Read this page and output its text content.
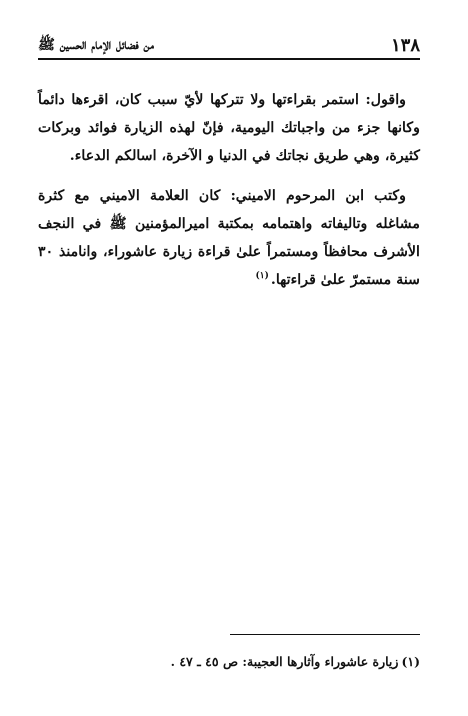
١٣٨
من فضائل الإمام الحسين ﷺ

واقول: استمر بقراءتها ولا تتركها لأيّ سبب كان، اقرءها دائماً وكانها جزء من واجباتك اليومية، فإنّ لهذه الزيارة فوائد وبركات كثيرة، وهي طريق نجاتك في الدنيا و الآخرة، اسالكم الدعاء.

وكتب ابن المرحوم الاميني: كان العلامة الاميني مع كثرة مشاغله وتاليفاته واهتمامه بمكتبة اميرالمؤمنين ﷺ في النجف الأشرف محافظاً ومستمراً علىٰ قراءة زيارة عاشوراء، وانامنذ ٣٠ سنة مستمرّ علىٰ قراءتها.$^{(١)}$

(١)زيارة عاشوراء وآثارها العجيبة: ص ٤٥ ـ ٤٧ .
